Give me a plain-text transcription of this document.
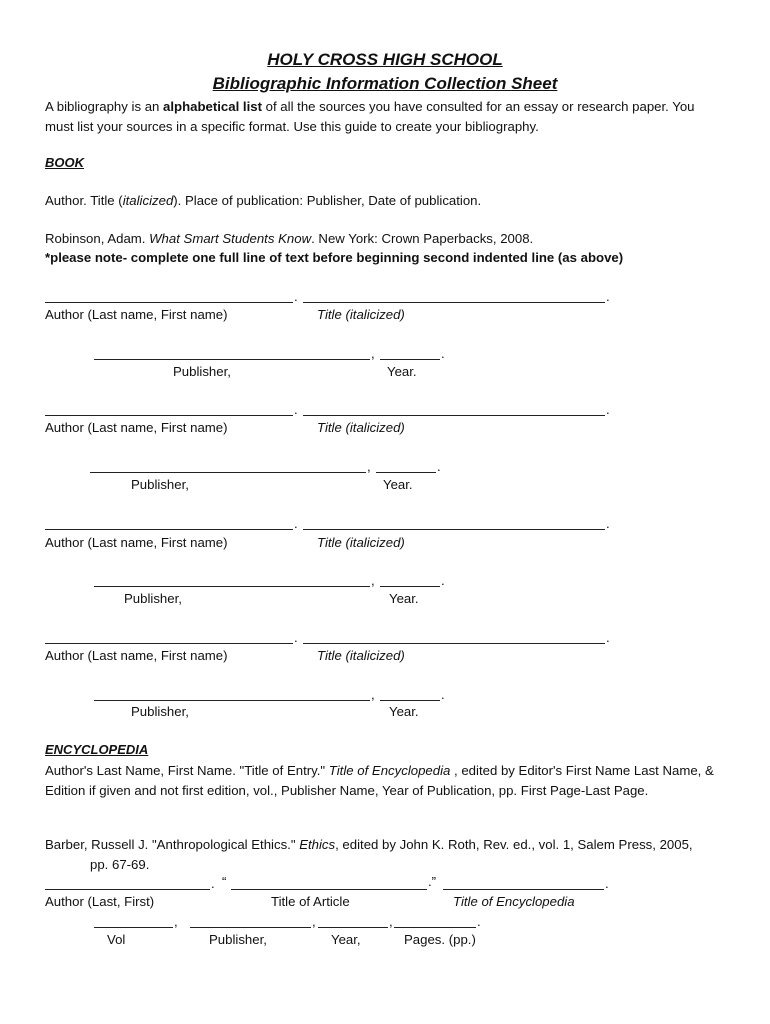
HOLY CROSS HIGH SCHOOL
Bibliographic Information Collection Sheet
A bibliography is an alphabetical list of all the sources you have consulted for an essay or research paper. You must list your sources in a specific format. Use this guide to create your bibliography.
BOOK
Author. Title (italicized). Place of publication: Publisher, Date of publication.
Robinson, Adam. What Smart Students Know. New York: Crown Paperbacks, 2008.
*please note- complete one full line of text before beginning second indented line (as above)
.	.
Author (Last name, First name)	Title (italicized)
,	.
Publisher,	Year.
.	.
Author (Last name, First name)	Title (italicized)
,	.
Publisher,	Year.
.	.
Author (Last name, First name)	Title (italicized)
,	.
Publisher,	Year.
.	.
Author (Last name, First name)	Title (italicized)
,	.
Publisher,	Year.
ENCYCLOPEDIA
Author's Last Name, First Name. "Title of Entry." Title of Encyclopedia , edited by Editor's First Name Last Name, & Edition if given and not first edition, vol., Publisher Name, Year of Publication, pp. First Page-Last Page.
Barber, Russell J. "Anthropological Ethics." Ethics, edited by John K. Roth, Rev. ed., vol. 1, Salem Press, 2005,
pp. 67-69.
. “	.”	.
Author (Last, First)	Title of Article	Title of Encyclopedia
,	,	,	.
Vol	Publisher,	Year,	Pages. (pp.)
